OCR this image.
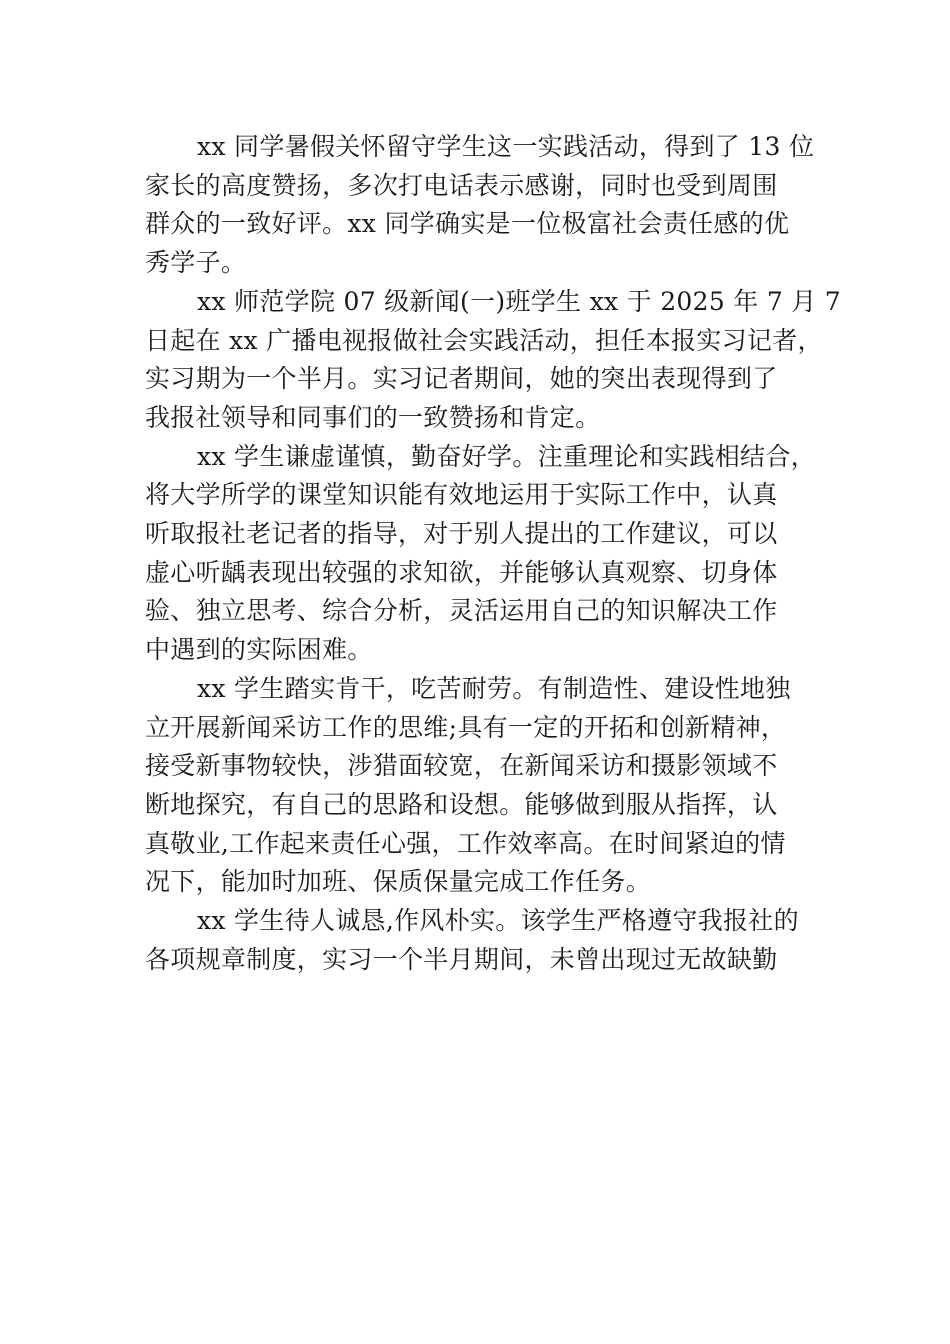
xx 同学暑假关怀留守学生这一实践活动，得到了 13 位
家长的高度赞扬，多次打电话表示感谢，同时也受到周围
群众的一致好评。xx 同学确实是一位极富社会责任感的优
秀学子。

xx 师范学院 07 级新闻(一)班学生 xx 于 2025 年 7 月 7
日起在 xx 广播电视报做社会实践活动，担任本报实习记者，
实习期为一个半月。实习记者期间，她的突出表现得到了
我报社领导和同事们的一致赞扬和肯定。

xx 学生谦虚谨慎，勤奋好学。注重理论和实践相结合，
将大学所学的课堂知识能有效地运用于实际工作中，认真
听取报社老记者的指导，对于别人提出的工作建议，可以
虚心听龋表现出较强的求知欲，并能够认真观察、切身体
验、独立思考、综合分析，灵活运用自己的知识解决工作
中遇到的实际困难。

xx 学生踏实肯干，吃苦耐劳。有制造性、建设性地独
立开展新闻采访工作的思维;具有一定的开拓和创新精神，
接受新事物较快，涉猎面较宽，在新闻采访和摄影领域不
断地探究，有自己的思路和设想。能够做到服从指挥，认
真敬业,工作起来责任心强，工作效率高。在时间紧迫的情
况下，能加时加班、保质保量完成工作任务。

xx 学生待人诚恳,作风朴实。该学生严格遵守我报社的
各项规章制度，实习一个半月期间，未曾出现过无故缺勤
